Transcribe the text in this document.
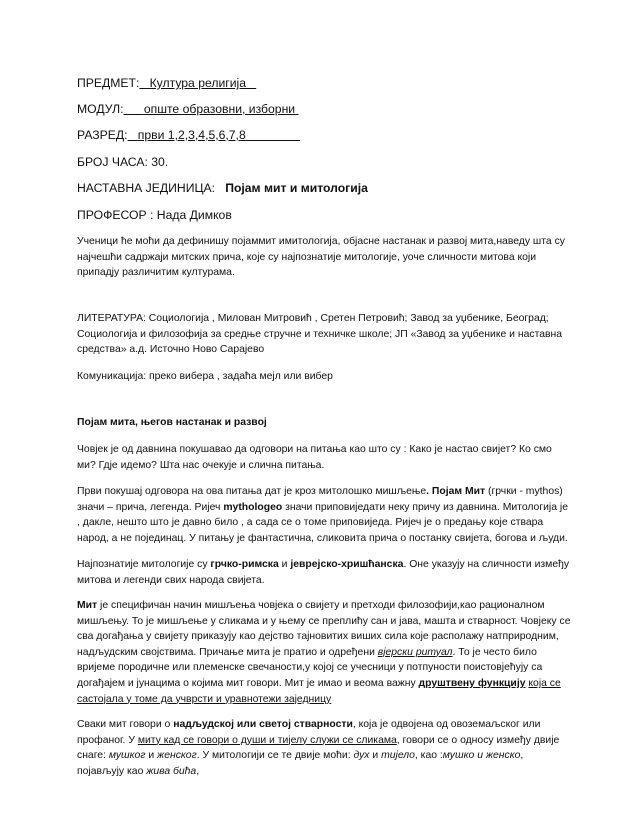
ПРЕДМЕТ: Култура религија
МОДУЛ: опште образовни, изборни
РАЗРЕД: први 1,2,3,4,5,6,7,8
БРОЈ ЧАСА: 30.
НАСТАВНА ЈЕДИНИЦА: Појам мит и митологија
ПРОФЕСОР : Нада Димков

Ученици ће моћи да дефинишу појаммит имитологија, објасне настанак и развој мита,наведу шта су најчешћи садржаји митских прича, које су најпознатије митологије, уоче сличности митова који припадју различитим културама.

ЛИТЕРАТУРА: Социологија , Милован Митровић , Сретен Петровић; Завод за уџбенике, Београд; Социологија и филозофија за средње стручне и техничке школе; ЈП «Завод за уџбенике и наставна средства» а.д. Источно Ново Сарајево

Комуникација: преко вибера , задаћа мејл или вибер

Појам мита, његов настанак и развој

Човјек је од давнина покушавао да одговори на питања као што су : Како је настао свијет? Ко смо ми? Гдје идемо? Шта нас очекује и слична питања.

Први покушај одговора на ова питања дат је кроз митолошко мишљење. Појам Мит (грчки - mythos) значи – прича, легенда. Ријеч mythologeo значи приповиједати неку причу из давнина. Митологија је , дакле, нешто што је давно било , а сада се о томе приповиједа. Ријеч је о предању које ствара народ, а не појединац. У питању је фантастична, сликовита прича о постанку свијета, богова и људи.

Најпознатије митологије су грчко-римска и јеврејско-хришћанска. Оне указују на сличности између митова и легенди свих народа свијета.

Мит је специфичан начин мишљења човјека о свијету и претходи филозофији,као рационалном мишљењу. То је мишљење у сликама и у њему се преплићу сан и јава, машта и стварност. Човјеку се сва догађања у свијету приказују као дејство тајновитих виших сила које располажу натприродним, надљудским својствима. Причање мита је пратио и одређени вјерски ритуал. То је често било вријеме породичне или племенске свечаности,у којој се учесници у потпуности поистовјећују са догађајем и јунацима о којима мит говори. Мит је имао и веома важну друштвену функцију која се састојала у томе да учврсти и уравнотежи заједницу

Сваки мит говори о надљудској или светој стварности, која је одвојена од овоземаљског или профаног. У миту кад се говори о души и тијелу служи се сликама, говори се о односу између двије снаге: мушког и женског. У митологији се те двије моћи: дух и тијело, као :мушко и женско, појављују као жива бића,
